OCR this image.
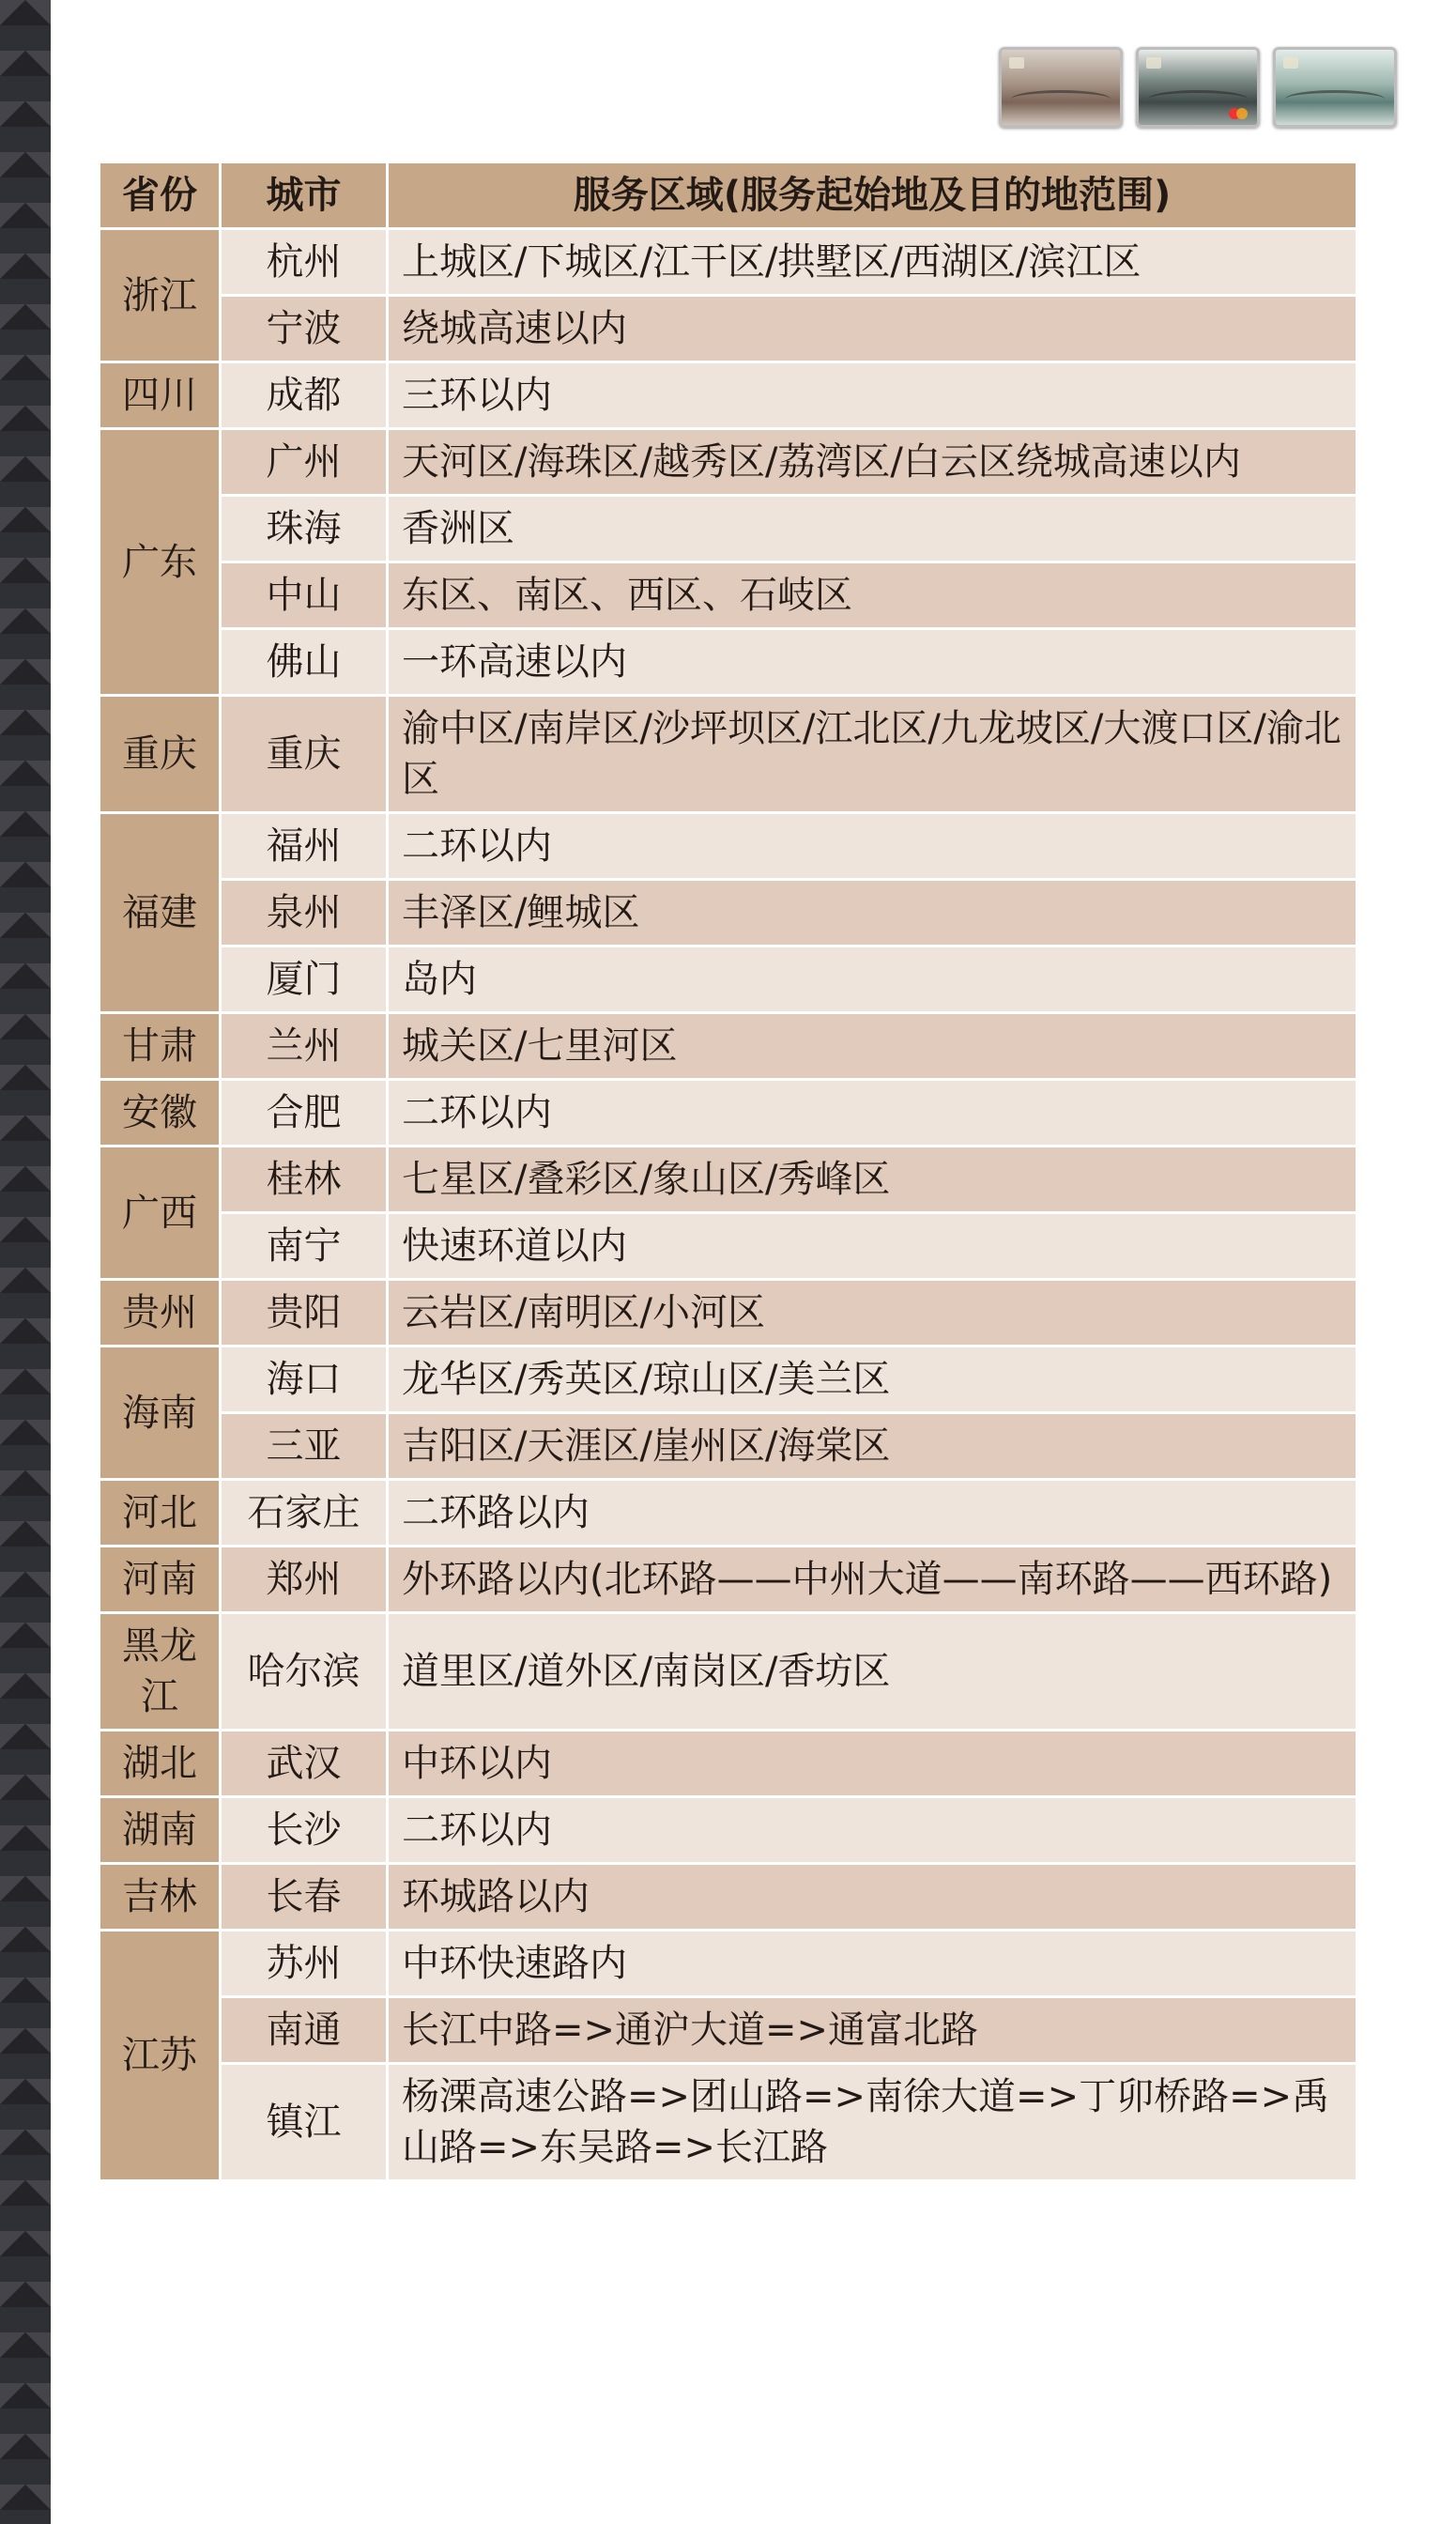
省份	城市	服务区域(服务起始地及目的地范围)
浙江	杭州	上城区/下城区/江干区/拱墅区/西湖区/滨江区
	宁波	绕城高速以内
四川	成都	三环以内
广东	广州	天河区/海珠区/越秀区/荔湾区/白云区绕城高速以内
	珠海	香洲区
	中山	东区、南区、西区、石岐区
	佛山	一环高速以内
重庆	重庆	渝中区/南岸区/沙坪坝区/江北区/九龙坡区/大渡口区/渝北区
福建	福州	二环以内
	泉州	丰泽区/鲤城区
	厦门	岛内
甘肃	兰州	城关区/七里河区
安徽	合肥	二环以内
广西	桂林	七星区/叠彩区/象山区/秀峰区
	南宁	快速环道以内
贵州	贵阳	云岩区/南明区/小河区
海南	海口	龙华区/秀英区/琼山区/美兰区
	三亚	吉阳区/天涯区/崖州区/海棠区
河北	石家庄	二环路以内
河南	郑州	外环路以内(北环路——中州大道——南环路——西环路)
黑龙江	哈尔滨	道里区/道外区/南岗区/香坊区
湖北	武汉	中环以内
湖南	长沙	二环以内
吉林	长春	环城路以内
江苏	苏州	中环快速路内
	南通	长江中路=>通沪大道=>通富北路
	镇江	杨溧高速公路=>团山路=>南徐大道=>丁卯桥路=>禹山路=>东吴路=>长江路
